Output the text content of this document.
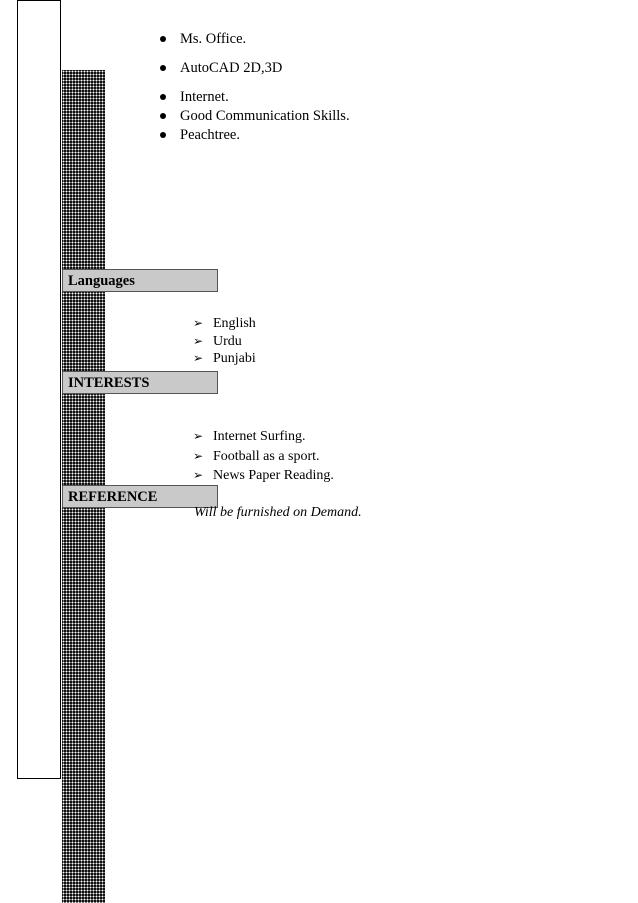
Ms. Office.
AutoCAD 2D,3D
Internet.
Good Communication Skills.
Peachtree.
Languages
➢ English
➢ Urdu
➢ Punjabi
INTERESTS
➢ Internet Surfing.
➢ Football as a sport.
➢ News Paper Reading.
REFERENCE
Will be furnished on Demand.
